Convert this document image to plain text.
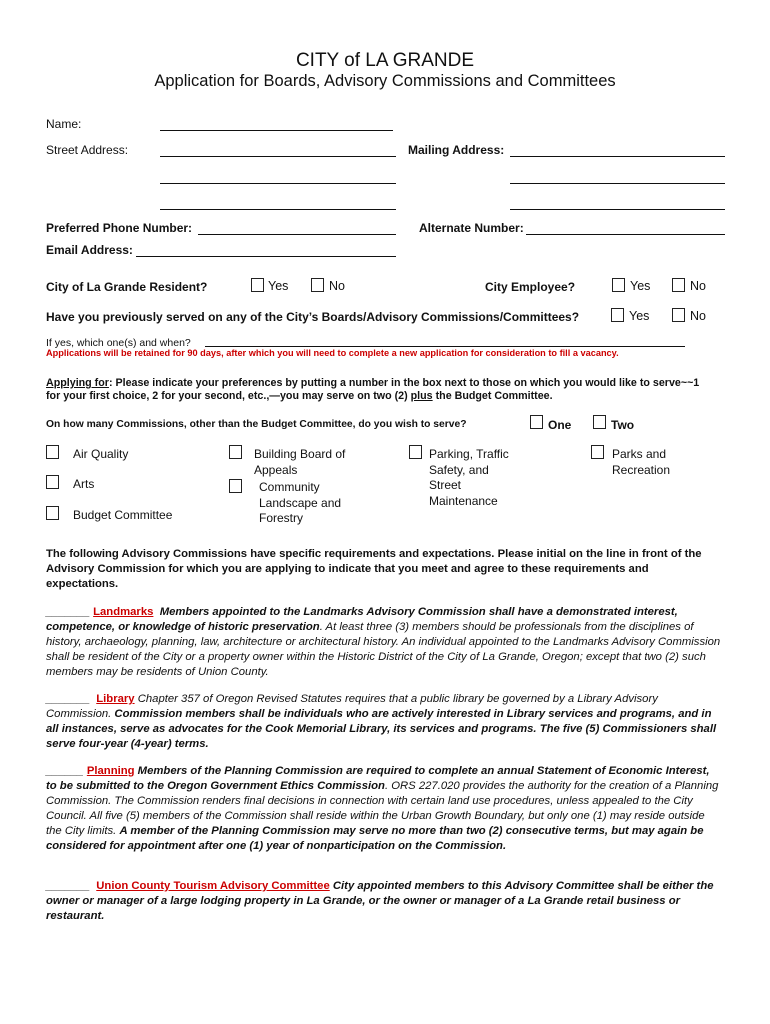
CITY of LA GRANDE
Application for Boards, Advisory Commissions and Committees
Name:
Street Address:	Mailing Address:
Preferred Phone Number:	Alternate Number:
Email Address:
City of La Grande Resident?	Yes	No	City Employee?	Yes	No
Have you previously served on any of the City’s Boards/Advisory Commissions/Committees?	Yes	No
If yes, which one(s) and when?
Applications will be retained for 90 days, after which you will need to complete a new application for consideration to fill a vacancy.
Applying for: Please indicate your preferences by putting a number in the box next to those on which you would like to serve~~1
for your first choice, 2 for your second, etc.,—you may serve on two (2) plus the Budget Committee.
On how many Commissions, other than the Budget Committee, do you wish to serve?	One	Two
Air Quality
Arts
Budget Committee
Building Board of Appeals
Community Landscape and Forestry
Parking, Traffic Safety, and Street Maintenance
Parks and Recreation
The following Advisory Commissions have specific requirements and expectations. Please initial on the line in front of the Advisory Commission for which you are applying to indicate that you meet and agree to these requirements and expectations.
_______ Landmarks Members appointed to the Landmarks Advisory Commission shall have a demonstrated interest, competence, or knowledge of historic preservation. At least three (3) members should be professionals from the disciplines of history, archaeology, planning, law, architecture or architectural history. An individual appointed to the Landmarks Advisory Commission shall be resident of the City or a property owner within the Historic District of the City of La Grande, Oregon; except that two (2) such members may be residents of Union County.
_______ Library Chapter 357 of Oregon Revised Statutes requires that a public library be governed by a Library Advisory Commission. Commission members shall be individuals who are actively interested in Library services and programs, and in all instances, serve as advocates for the Cook Memorial Library, its services and programs. The five (5) Commissioners shall serve four-year (4-year) terms.
______ Planning Members of the Planning Commission are required to complete an annual Statement of Economic Interest, to be submitted to the Oregon Government Ethics Commission. ORS 227.020 provides the authority for the creation of a Planning Commission. The Commission renders final decisions in connection with certain land use procedures, unless appealed to the City Council. All five (5) members of the Commission shall reside within the Urban Growth Boundary, but only one (1) may reside outside the City limits. A member of the Planning Commission may serve no more than two (2) consecutive terms, but may again be considered for appointment after one (1) year of nonparticipation on the Commission.
_______ Union County Tourism Advisory Committee City appointed members to this Advisory Committee shall be either the owner or manager of a large lodging property in La Grande, or the owner or manager of a La Grande retail business or restaurant.
